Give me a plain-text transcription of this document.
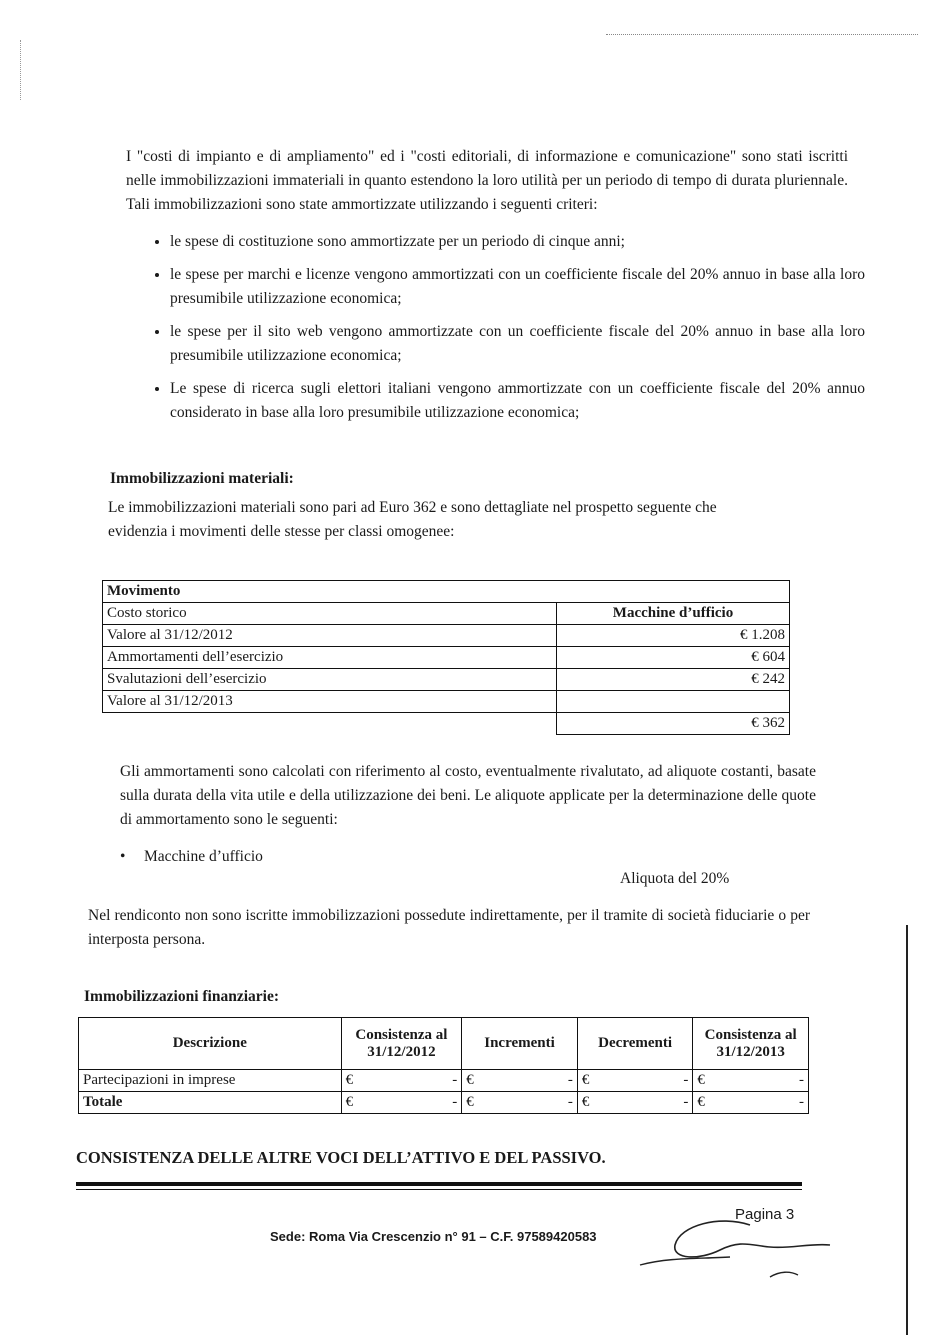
I "costi di impianto e di ampliamento" ed i "costi editoriali, di informazione e comunicazione" sono stati iscritti nelle immobilizzazioni immateriali in quanto estendono la loro utilità per un periodo di tempo di durata pluriennale. Tali immobilizzazioni sono state ammortizzate utilizzando i seguenti criteri:

• le spese di costituzione sono ammortizzate per un periodo di cinque anni;
• le spese per marchi e licenze vengono ammortizzati con un coefficiente fiscale del 20% annuo in base alla loro presumibile utilizzazione economica;
• le spese per il sito web vengono ammortizzate con un coefficiente fiscale del 20% annuo in base alla loro presumibile utilizzazione economica;
• Le spese di ricerca sugli elettori italiani vengono ammortizzate con un coefficiente fiscale del 20% annuo considerato in base alla loro presumibile utilizzazione economica;
Immobilizzazioni materiali:

Le immobilizzazioni materiali sono pari ad Euro 362 e sono dettagliate nel prospetto seguente che evidenzia i movimenti delle stesse per classi omogenee:

Movimento	
Costo storico	Macchine d’ufficio
Valore al 31/12/2012	€ 1.208
Ammortamenti dell’esercizio	€ 604
Svalutazioni dell’esercizio	€ 242
Valore al 31/12/2013	
	€ 362

Gli ammortamenti sono calcolati con riferimento al costo, eventualmente rivalutato, ad aliquote costanti, basate sulla durata della vita utile e della utilizzazione dei beni. Le aliquote applicate per la determinazione delle quote di ammortamento sono le seguenti:

• Macchine d’ufficio
Aliquota del 20%

Nel rendiconto non sono iscritte immobilizzazioni possedute indirettamente, per il tramite di società fiduciarie o per interposta persona.

Immobilizzazioni finanziarie:
Descrizione	Consistenza al 31/12/2012	Incrementi	Decrementi	Consistenza al 31/12/2013
Partecipazioni in imprese	€ -	€ -	€ -	€ -

Totale	€ -	€ -	€ -	€ -
CONSISTENZA DELLE ALTRE VOCI DELL’ATTIVO E DEL PASSIVO.
Pagina 3
Sede: Roma Via Crescenzio n° 91 – C.F. 97589420583
